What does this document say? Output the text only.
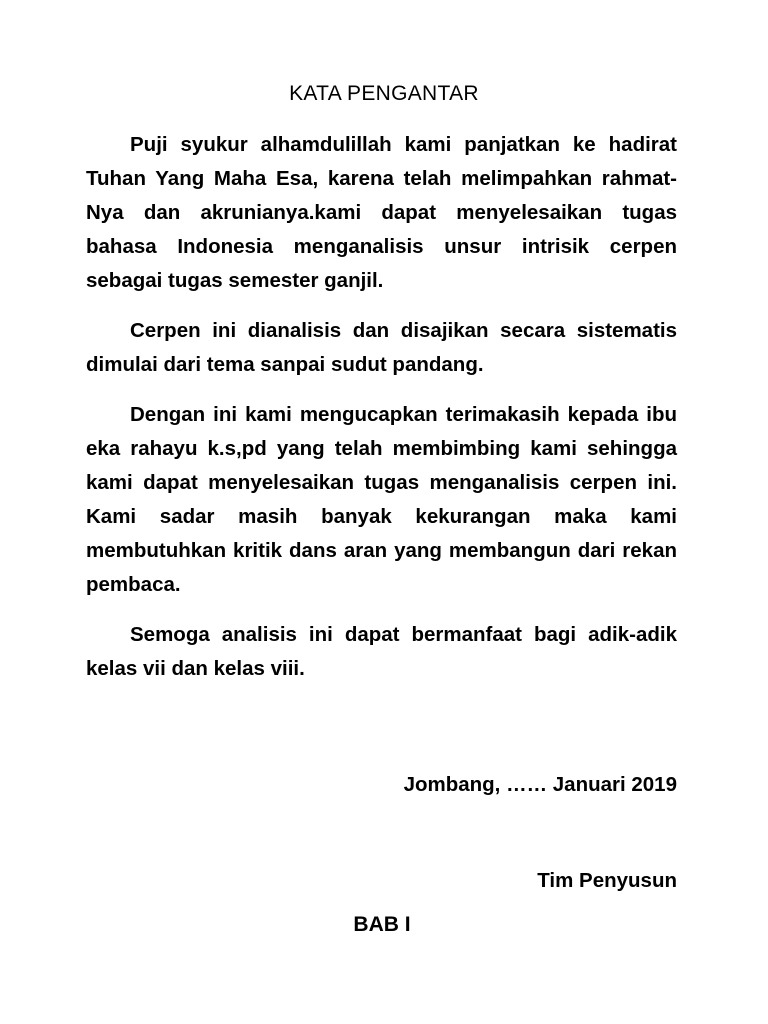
KATA PENGANTAR

Puji syukur alhamdulillah kami panjatkan ke hadirat Tuhan Yang Maha Esa, karena telah melimpahkan rahmat-Nya dan akrunianya.kami dapat menyelesaikan tugas bahasa Indonesia menganalisis unsur intrisik cerpen sebagai tugas semester ganjil.

Cerpen ini dianalisis dan disajikan secara sistematis dimulai dari tema sanpai sudut pandang.

Dengan ini kami mengucapkan terimakasih kepada ibu eka rahayu k.s,pd yang telah membimbing kami sehingga kami dapat menyelesaikan tugas menganalisis cerpen ini. Kami sadar masih banyak kekurangan maka kami membutuhkan kritik dans aran yang membangun dari rekan pembaca.

Semoga analisis ini dapat bermanfaat bagi adik-adik kelas vii dan kelas viii.

Jombang, …… Januari 2019
Tim Penyusun
BAB I
